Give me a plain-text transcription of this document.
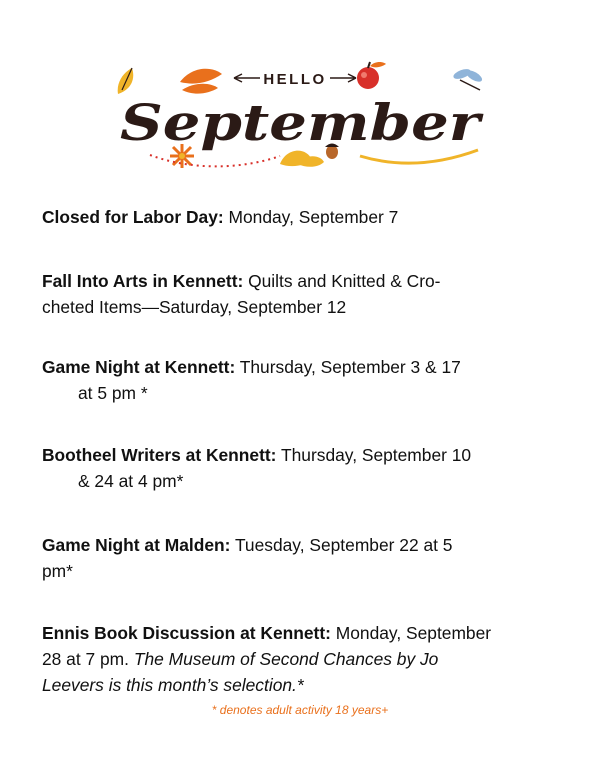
HELLO
September

Closed for Labor Day: Monday, September 7

Fall Into Arts in Kennett: Quilts and Knitted & Cro-
cheted Items—Saturday, September 12

Game Night at Kennett: Thursday, September 3 & 17
at 5 pm *

Bootheel Writers at Kennett: Thursday, September 10
& 24 at 4 pm*

Game Night at Malden: Tuesday, September 22 at 5
pm*

Ennis Book Discussion at Kennett: Monday, September
28 at 7 pm. The Museum of Second Chances by Jo
Leevers is this month’s selection.*

* denotes adult activity 18 years+
